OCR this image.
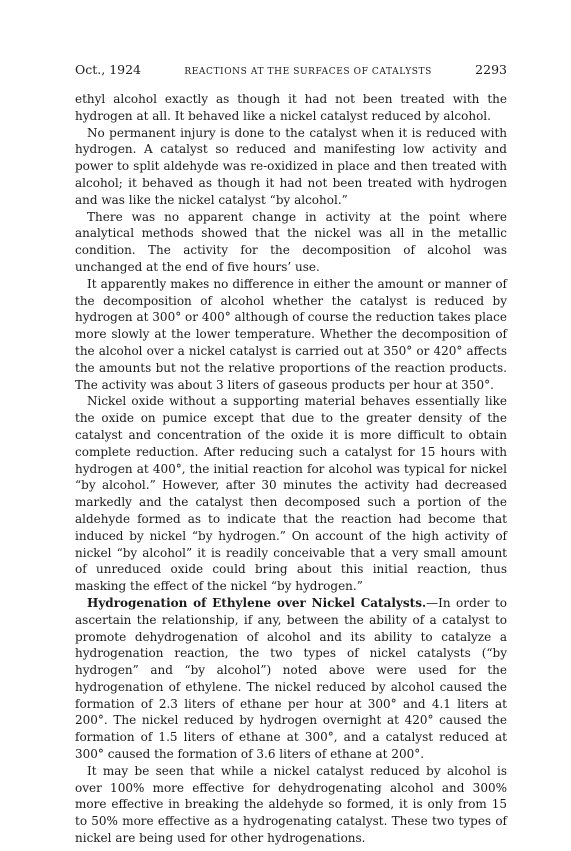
Oct., 1924	REACTIONS AT THE SURFACES OF CATALYSTS	2293

ethyl alcohol exactly as though it had not been treated with the hydrogen at all. It behaved like a nickel catalyst reduced by alcohol.

No permanent injury is done to the catalyst when it is reduced with hydrogen. A catalyst so reduced and manifesting low activity and power to split aldehyde was re-oxidized in place and then treated with alcohol; it behaved as though it had not been treated with hydrogen and was like the nickel catalyst “by alcohol.”

There was no apparent change in activity at the point where analytical methods showed that the nickel was all in the metallic condition. The activity for the decomposition of alcohol was unchanged at the end of five hours’ use.

It apparently makes no difference in either the amount or manner of the decomposition of alcohol whether the catalyst is reduced by hydrogen at 300° or 400° although of course the reduction takes place more slowly at the lower temperature. Whether the decomposition of the alcohol over a nickel catalyst is carried out at 350° or 420° affects the amounts but not the relative proportions of the reaction products. The activity was about 3 liters of gaseous products per hour at 350°.

Nickel oxide without a supporting material behaves essentially like the oxide on pumice except that due to the greater density of the catalyst and concentration of the oxide it is more difficult to obtain complete reduction. After reducing such a catalyst for 15 hours with hydrogen at 400°, the initial reaction for alcohol was typical for nickel “by alcohol.” However, after 30 minutes the activity had decreased markedly and the catalyst then decomposed such a portion of the aldehyde formed as to indicate that the reaction had become that induced by nickel “by hydrogen.” On account of the high activity of nickel “by alcohol” it is readily conceivable that a very small amount of unreduced oxide could bring about this initial reaction, thus masking the effect of the nickel “by hydrogen.”

Hydrogenation of Ethylene over Nickel Catalysts.—In order to ascertain the relationship, if any, between the ability of a catalyst to promote dehydrogenation of alcohol and its ability to catalyze a hydrogenation reaction, the two types of nickel catalysts (“by hydrogen” and “by alcohol”) noted above were used for the hydrogenation of ethylene. The nickel reduced by alcohol caused the formation of 2.3 liters of ethane per hour at 300° and 4.1 liters at 200°. The nickel reduced by hydrogen overnight at 420° caused the formation of 1.5 liters of ethane at 300°, and a catalyst reduced at 300° caused the formation of 3.6 liters of ethane at 200°.

It may be seen that while a nickel catalyst reduced by alcohol is over 100% more effective for dehydrogenating alcohol and 300% more effective in breaking the aldehyde so formed, it is only from 15 to 50% more effective as a hydrogenating catalyst. These two types of nickel are being used for other hydrogenations.
